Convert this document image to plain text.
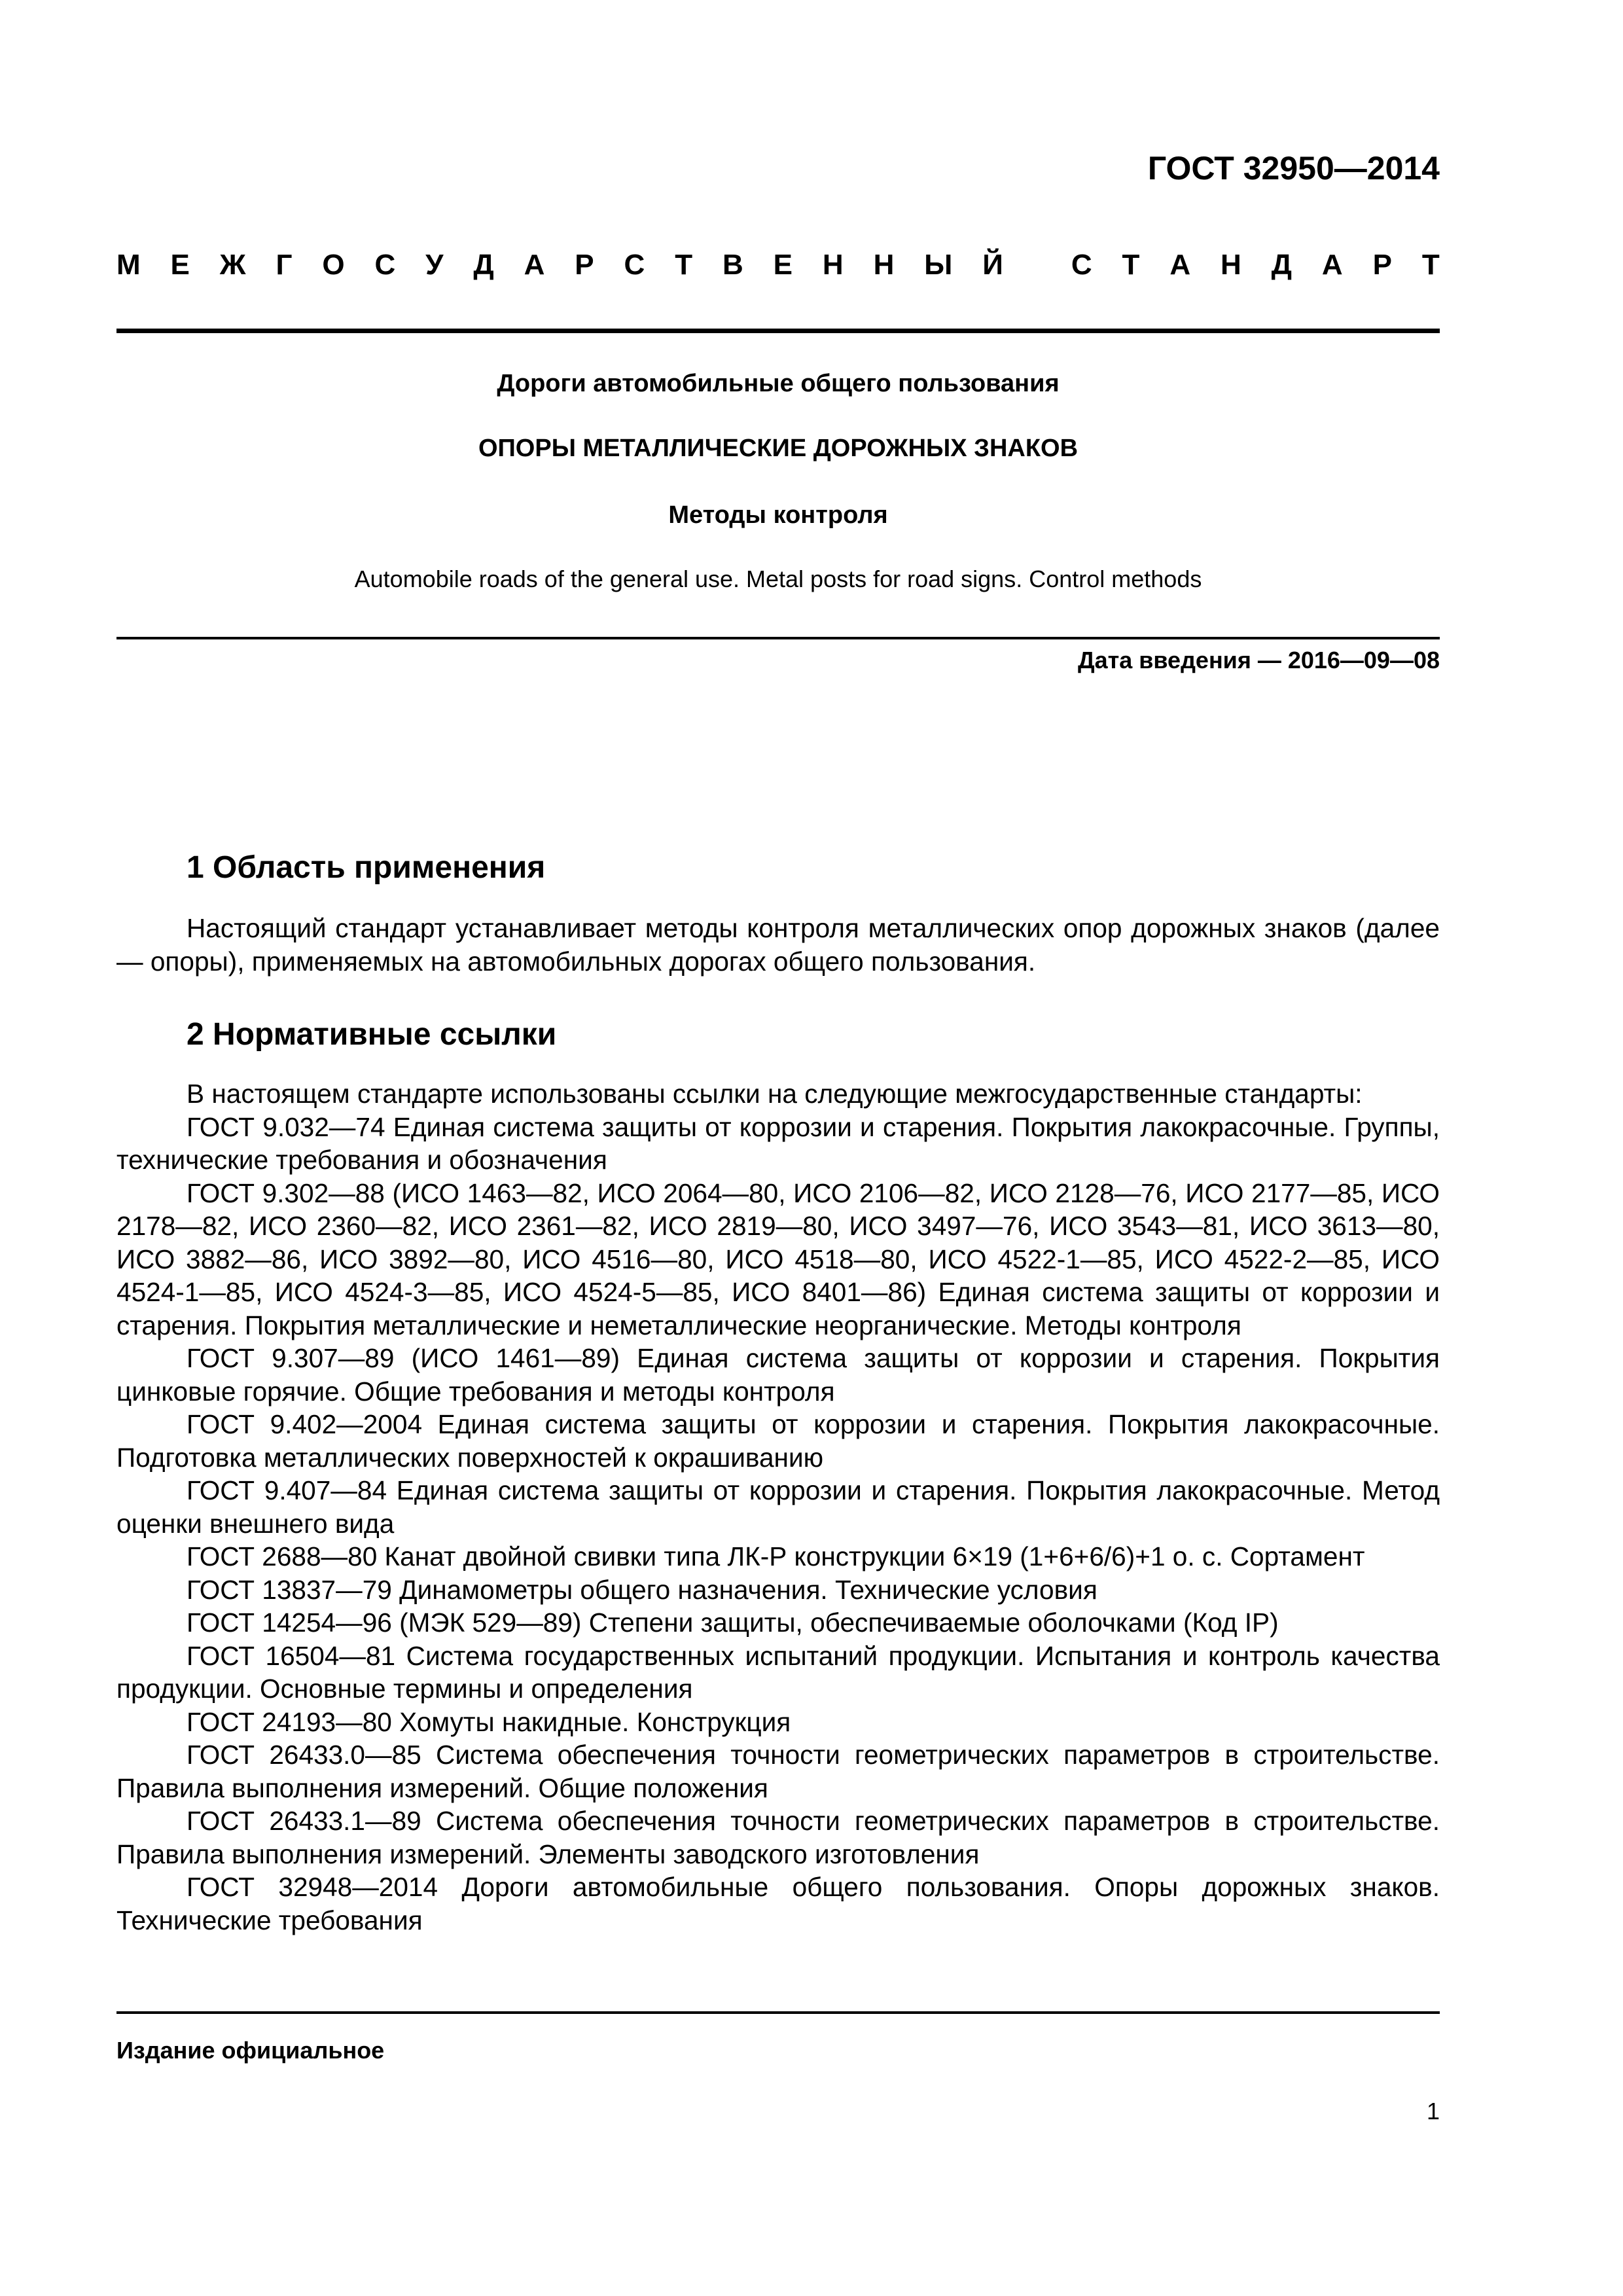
ГОСТ 32950—2014
М Е Ж Г О С У Д А Р С Т В Е Н Н Ы Й
С Т А Н Д А Р Т
Дороги автомобильные общего пользования
ОПОРЫ МЕТАЛЛИЧЕСКИЕ ДОРОЖНЫХ ЗНАКОВ
Методы контроля
Automobile roads of the general use. Metal posts for road signs. Control methods
Дата введения — 2016—09—08
1 Область применения

Настоящий стандарт устанавливает методы контроля металлических опор дорожных знаков (далее — опоры), применяемых на автомобильных дорогах общего пользования.

2 Нормативные ссылки

В настоящем стандарте использованы ссылки на следующие межгосударственные стандарты:

ГОСТ 9.032—74 Единая система защиты от коррозии и старения. Покрытия лакокрасочные. Группы, технические требования и обозначения

ГОСТ 9.302—88 (ИСО 1463—82, ИСО 2064—80, ИСО 2106—82, ИСО 2128—76, ИСО 2177—85, ИСО 2178—82, ИСО 2360—82, ИСО 2361—82, ИСО 2819—80, ИСО 3497—76, ИСО 3543—81, ИСО 3613—80, ИСО 3882—86, ИСО 3892—80, ИСО 4516—80, ИСО 4518—80, ИСО 4522-1—85, ИСО 4522-2—85, ИСО 4524-1—85, ИСО 4524-3—85, ИСО 4524-5—85, ИСО 8401—86) Единая система защиты от коррозии и старения. Покрытия металлические и неметаллические неорганические. Методы контроля

ГОСТ 9.307—89 (ИСО 1461—89) Единая система защиты от коррозии и старения. Покрытия цинковые горячие. Общие требования и методы контроля

ГОСТ 9.402—2004 Единая система защиты от коррозии и старения. Покрытия лакокрасочные. Подготовка металлических поверхностей к окрашиванию

ГОСТ 9.407—84 Единая система защиты от коррозии и старения. Покрытия лакокрасочные. Метод оценки внешнего вида

ГОСТ 2688—80 Канат двойной свивки типа ЛК-Р конструкции 6×19 (1+6+6/6)+1 о. с. Сортамент

ГОСТ 13837—79 Динамометры общего назначения. Технические условия

ГОСТ 14254—96 (МЭК 529—89) Степени защиты, обеспечиваемые оболочками (Код IP)

ГОСТ 16504—81 Система государственных испытаний продукции. Испытания и контроль качества продукции. Основные термины и определения

ГОСТ 24193—80 Хомуты накидные. Конструкция

ГОСТ 26433.0—85 Система обеспечения точности геометрических параметров в строительстве. Правила выполнения измерений. Общие положения

ГОСТ 26433.1—89 Система обеспечения точности геометрических параметров в строительстве. Правила выполнения измерений. Элементы заводского изготовления

ГОСТ 32948—2014 Дороги автомобильные общего пользования. Опоры дорожных знаков. Технические требования

Издание официальное
1
